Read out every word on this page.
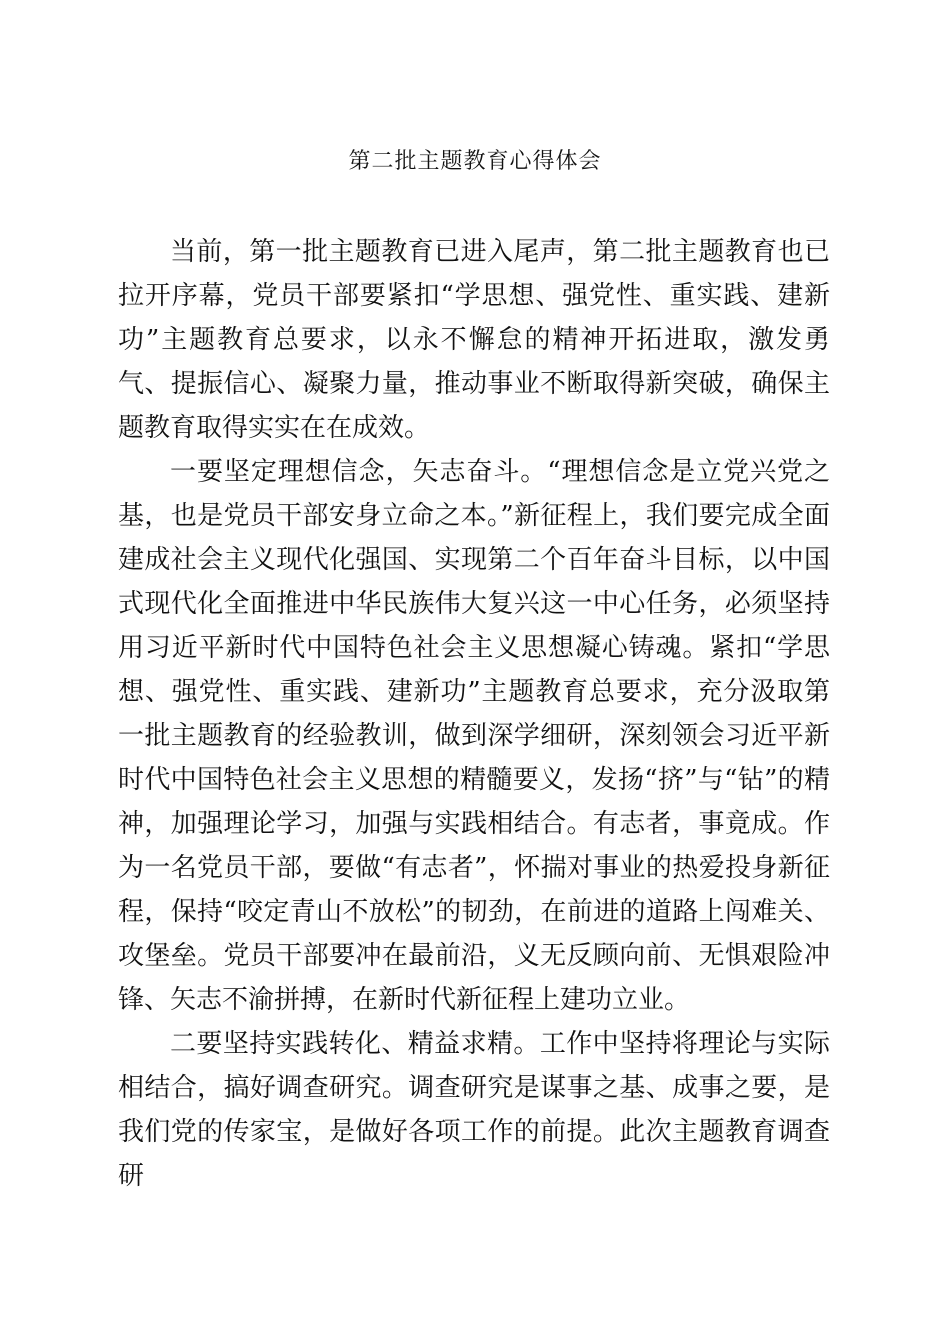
第二批主题教育心得体会

当前，第一批主题教育已进入尾声，第二批主题教育也已拉开序幕，党员干部要紧扣“学思想、强党性、重实践、建新功”主题教育总要求，以永不懈怠的精神开拓进取，激发勇气、提振信心、凝聚力量，推动事业不断取得新突破，确保主题教育取得实实在在成效。

一要坚定理想信念，矢志奋斗。“理想信念是立党兴党之基，也是党员干部安身立命之本。”新征程上，我们要完成全面建成社会主义现代化强国、实现第二个百年奋斗目标，以中国式现代化全面推进中华民族伟大复兴这一中心任务，必须坚持用习近平新时代中国特色社会主义思想凝心铸魂。紧扣“学思想、强党性、重实践、建新功”主题教育总要求，充分汲取第一批主题教育的经验教训，做到深学细研，深刻领会习近平新时代中国特色社会主义思想的精髓要义，发扬“挤”与“钻”的精神，加强理论学习，加强与实践相结合。有志者，事竟成。作为一名党员干部，要做“有志者”，怀揣对事业的热爱投身新征程，保持“咬定青山不放松”的韧劲，在前进的道路上闯难关、攻堡垒。党员干部要冲在最前沿，义无反顾向前、无惧艰险冲锋、矢志不渝拼搏，在新时代新征程上建功立业。

二要坚持实践转化、精益求精。工作中坚持将理论与实际相结合，搞好调查研究。调查研究是谋事之基、成事之要，是我们党的传家宝，是做好各项工作的前提。此次主题教育调查研
